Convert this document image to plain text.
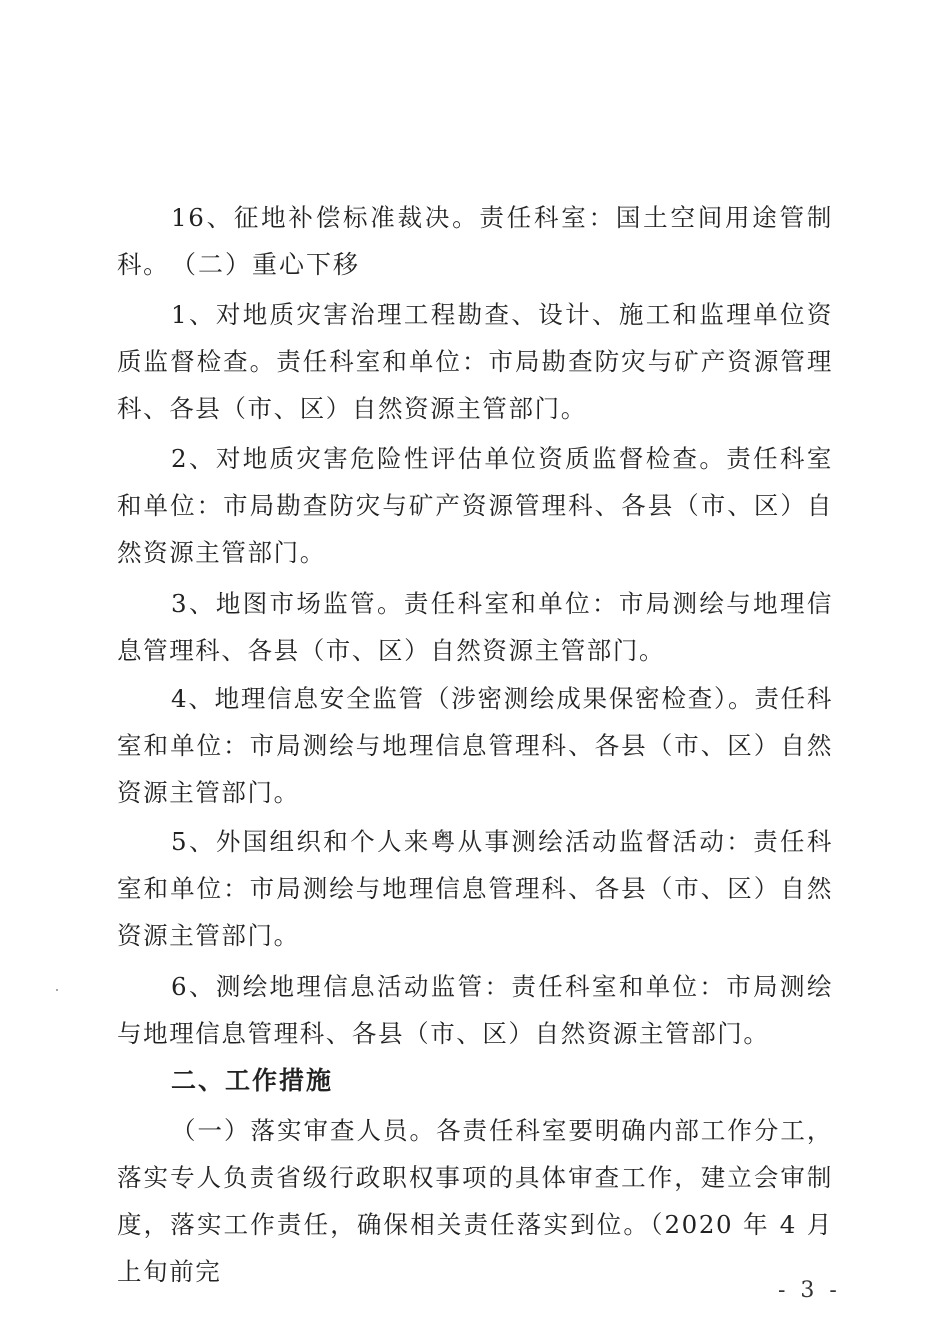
16、征地补偿标准裁决。责任科室：国土空间用途管制科。 （二）重心下移

1、对地质灾害治理工程勘查、设计、施工和监理单位资质监督检查。责任科室和单位：市局勘查防灾与矿产资源管理科、各县（市、区）自然资源主管部门。

2、对地质灾害危险性评估单位资质监督检查。责任科室和单位：市局勘查防灾与矿产资源管理科、各县（市、区）自然资源主管部门。

3、地图市场监管。责任科室和单位：市局测绘与地理信息管理科、各县（市、区）自然资源主管部门。

4、地理信息安全监管（涉密测绘成果保密检查）。责任科室和单位：市局测绘与地理信息管理科、各县（市、区）自然资源主管部门。

5、外国组织和个人来粤从事测绘活动监督活动：责任科室和单位：市局测绘与地理信息管理科、各县（市、区）自然资源主管部门。

6、测绘地理信息活动监管：责任科室和单位：市局测绘与地理信息管理科、各县（市、区）自然资源主管部门。

二、工作措施

（一）落实审查人员。各责任科室要明确内部工作分工，落实专人负责省级行政职权事项的具体审查工作，建立会审制度，落实工作责任，确保相关责任落实到位。（2020 年 4 月上旬前完

- 3 -
